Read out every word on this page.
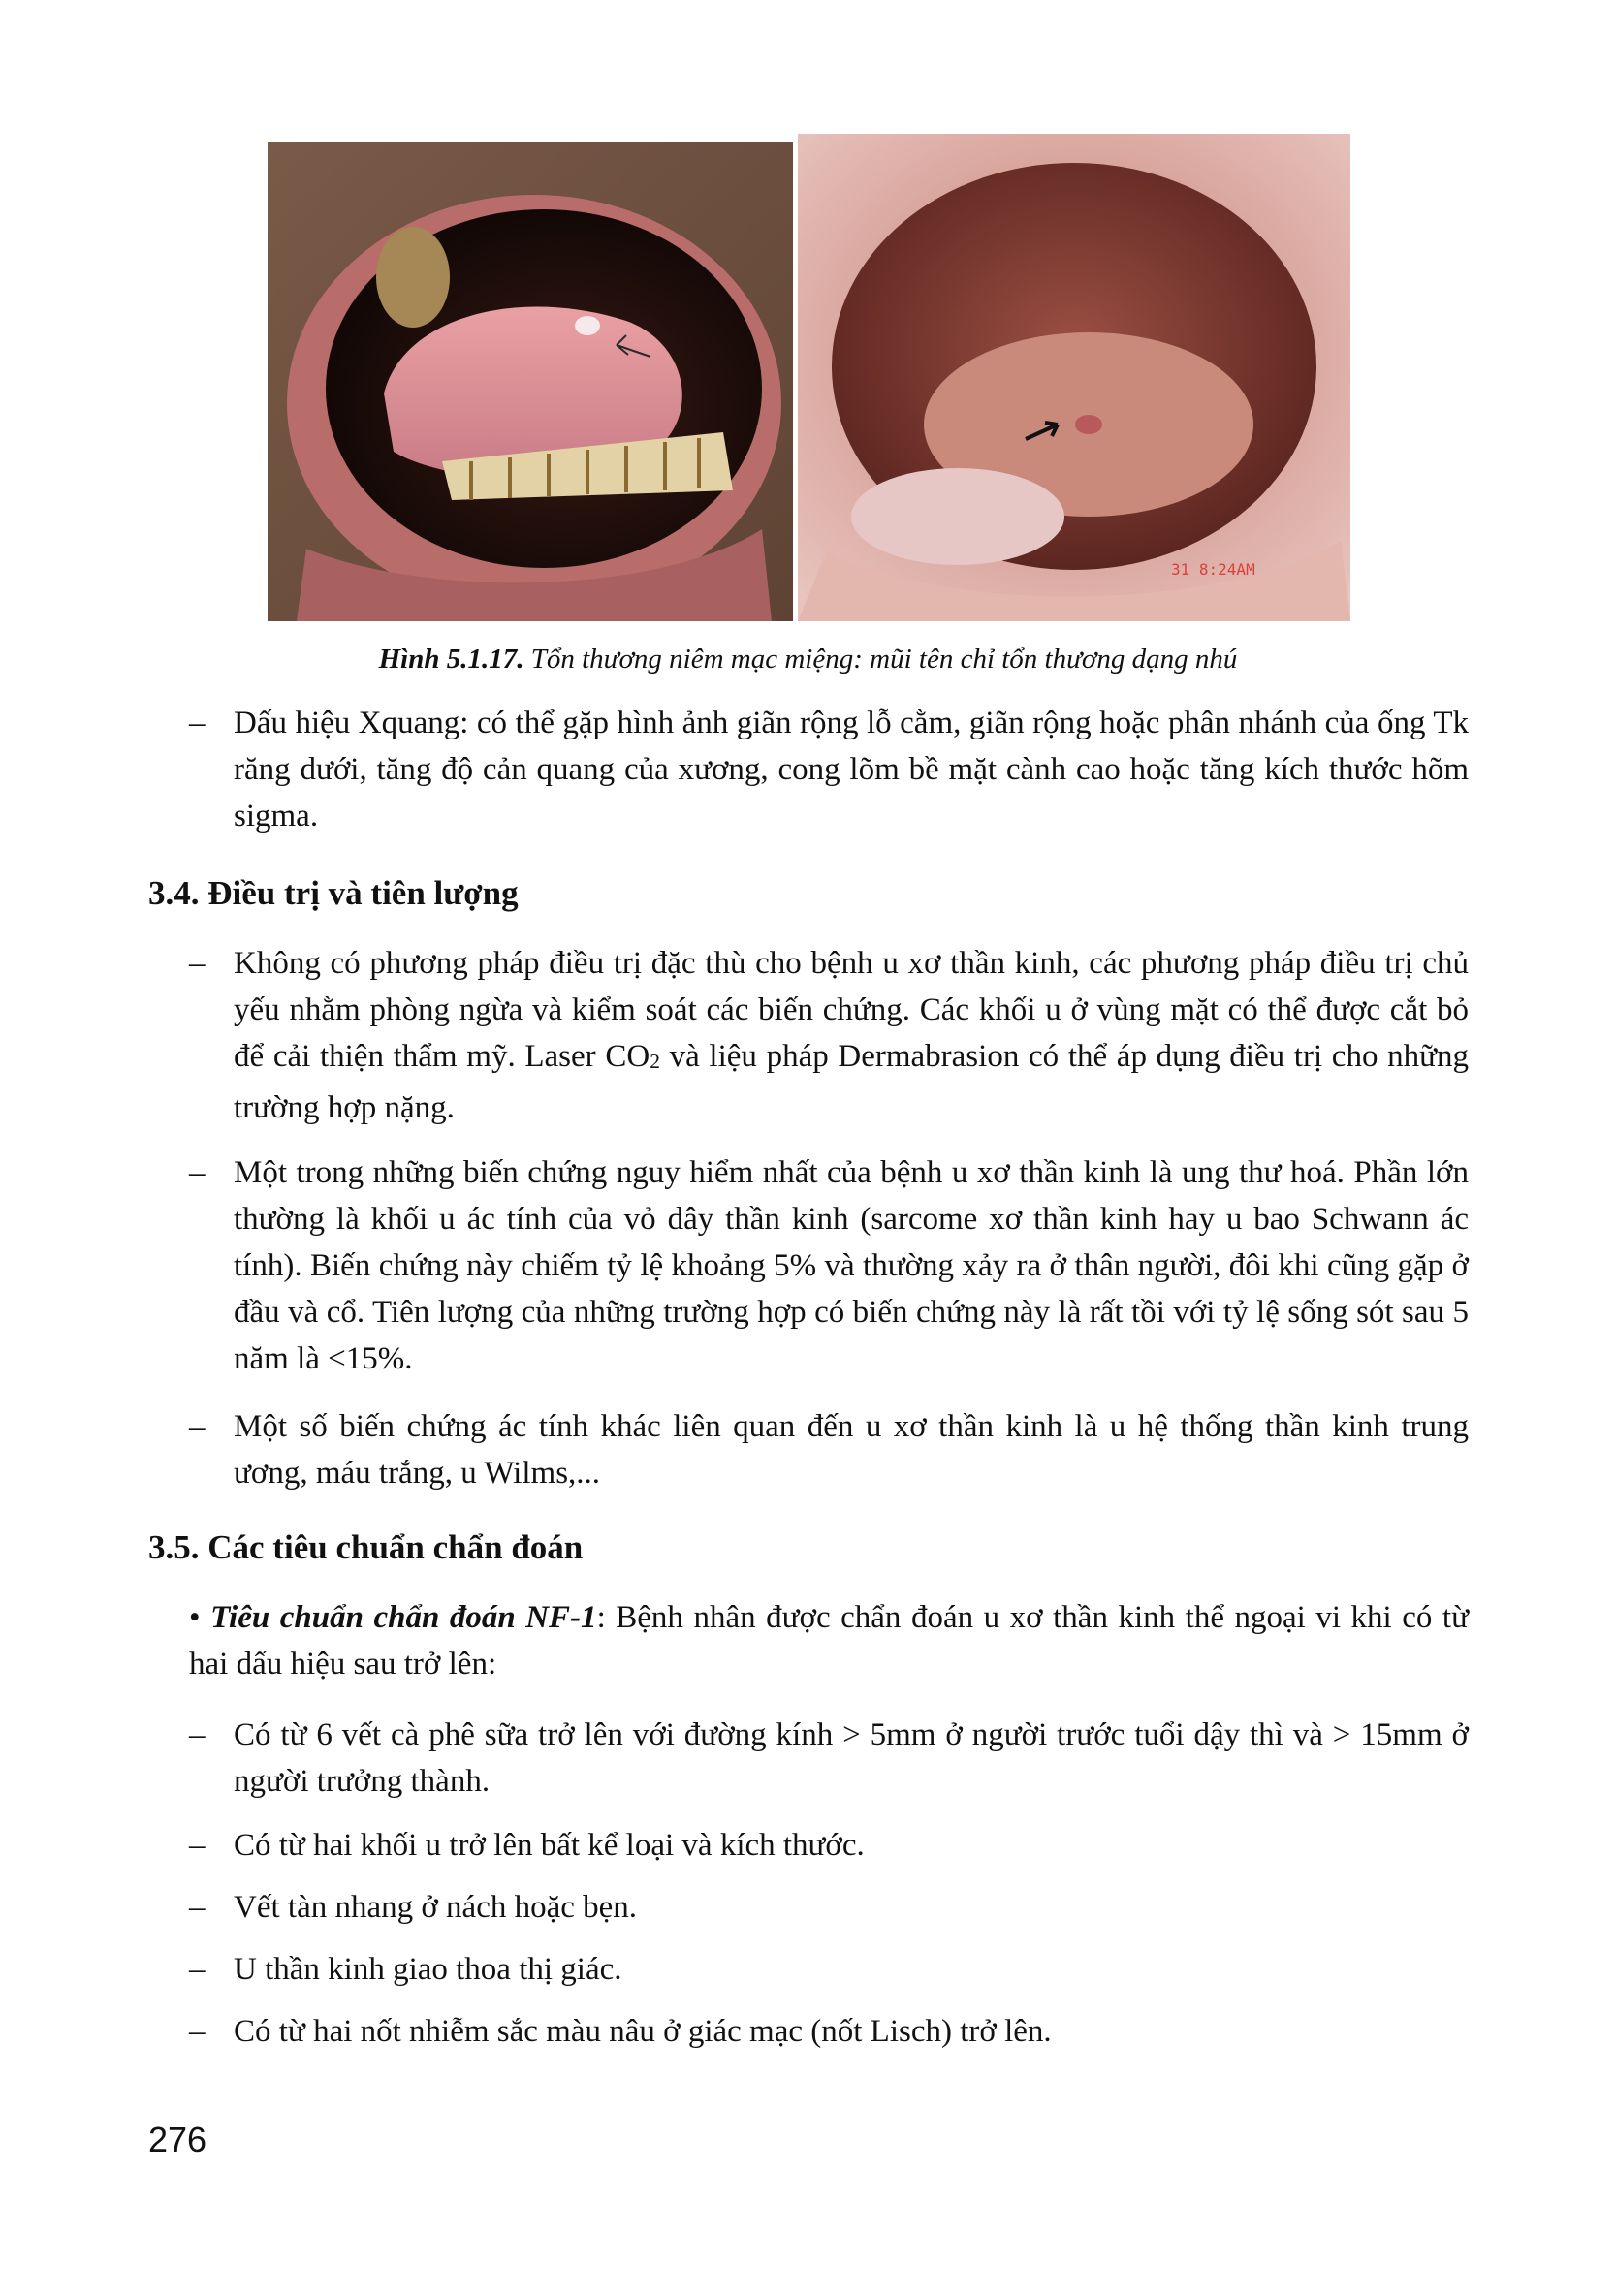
31 8:24AM
Hình 5.1.17. Tổn thương niêm mạc miệng: mũi tên chỉ tổn thương dạng nhú
– Dấu hiệu Xquang: có thể gặp hình ảnh giãn rộng lỗ cằm, giãn rộng hoặc phân nhánh của ống Tk răng dưới, tăng độ cản quang của xương, cong lõm bề mặt cành cao hoặc tăng kích thước hõm sigma.
3.4. Điều trị và tiên lượng
– Không có phương pháp điều trị đặc thù cho bệnh u xơ thần kinh, các phương pháp điều trị chủ yếu nhằm phòng ngừa và kiểm soát các biến chứng. Các khối u ở vùng mặt có thể được cắt bỏ để cải thiện thẩm mỹ. Laser $CO_2$ và liệu pháp Dermabrasion có thể áp dụng điều trị cho những trường hợp nặng.
– Một trong những biến chứng nguy hiểm nhất của bệnh u xơ thần kinh là ung thư hoá. Phần lớn thường là khối u ác tính của vỏ dây thần kinh (sarcome xơ thần kinh hay u bao Schwann ác tính). Biến chứng này chiếm tỷ lệ khoảng 5% và thường xảy ra ở thân người, đôi khi cũng gặp ở đầu và cổ. Tiên lượng của những trường hợp có biến chứng này là rất tồi với tỷ lệ sống sót sau 5 năm là <15%.
– Một số biến chứng ác tính khác liên quan đến u xơ thần kinh là u hệ thống thần kinh trung ương, máu trắng, u Wilms,...
3.5. Các tiêu chuẩn chẩn đoán
• Tiêu chuẩn chẩn đoán NF-1: Bệnh nhân được chẩn đoán u xơ thần kinh thể ngoại vi khi có từ hai dấu hiệu sau trở lên:
– Có từ 6 vết cà phê sữa trở lên với đường kính > 5mm ở người trước tuổi dậy thì và > 15mm ở người trưởng thành.
– Có từ hai khối u trở lên bất kể loại và kích thước.
– Vết tàn nhang ở nách hoặc bẹn.
– U thần kinh giao thoa thị giác.
– Có từ hai nốt nhiễm sắc màu nâu ở giác mạc (nốt Lisch) trở lên.
276
